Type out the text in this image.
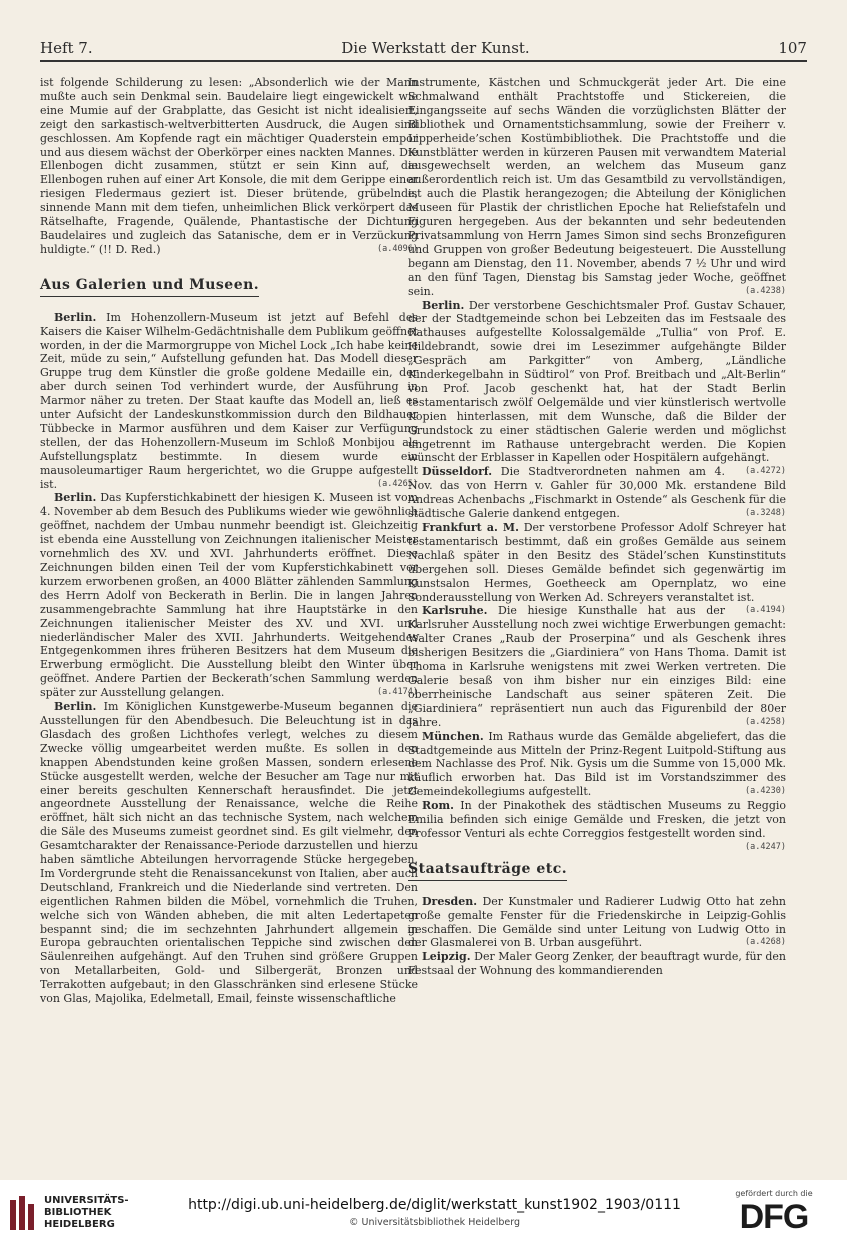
Heft 7.	Die Werkstatt der Kunst.	107

ist folgende Schilderung zu lesen: „Absonderlich wie der Mann mußte auch sein Denkmal sein. Baudelaire liegt eingewickelt wie eine Mumie auf der Grabplatte, das Gesicht ist nicht idealisiert, zeigt den sarkastisch-weltverbitterten Ausdruck, die Augen sind geschlossen. Am Kopfende ragt ein mächtiger Quaderstein empor und aus diesem wächst der Oberkörper eines nackten Mannes. Die Ellenbogen dicht zusammen, stützt er sein Kinn auf, die Ellenbogen ruhen auf einer Art Konsole, die mit dem Gerippe einer riesigen Fledermaus geziert ist. Dieser brütende, grübelnde, sinnende Mann mit dem tiefen, unheimlichen Blick verkörpert das Rätselhafte, Fragende, Quälende, Phantastische der Dichtung Baudelaires und zugleich das Satanische, dem er in Verzückung huldigte.“ (!! D. Red.)	(a.4096)

Aus Galerien und Museen.

Berlin. Im Hohenzollern-Museum ist jetzt auf Befehl des Kaisers die Kaiser Wilhelm-Gedächtnishalle dem Publikum geöffnet worden, in der die Marmorgruppe von Michel Lock „Ich habe keine Zeit, müde zu sein,“ Aufstellung gefunden hat. Das Modell dieser Gruppe trug dem Künstler die große goldene Medaille ein, der aber durch seinen Tod verhindert wurde, der Ausführung in Marmor näher zu treten. Der Staat kaufte das Modell an, ließ es unter Aufsicht der Landeskunstkommission durch den Bildhauer Tübbecke in Marmor ausführen und dem Kaiser zur Verfügung stellen, der das Hohenzollern-Museum im Schloß Monbijou als Aufstellungsplatz bestimmte. In diesem wurde ein mausoleumartiger Raum hergerichtet, wo die Gruppe aufgestellt ist.	(a.4265)

Berlin. Das Kupferstichkabinett der hiesigen K. Museen ist vom 4. November ab dem Besuch des Publikums wieder wie gewöhnlich geöffnet, nachdem der Umbau nunmehr beendigt ist. Gleichzeitig ist ebenda eine Ausstellung von Zeichnungen italienischer Meister vornehmlich des XV. und XVI. Jahrhunderts eröffnet. Diese Zeichnungen bilden einen Teil der vom Kupferstichkabinett vor kurzem erworbenen großen, an 4000 Blätter zählenden Sammlung des Herrn Adolf von Beckerath in Berlin. Die in langen Jahren zusammengebrachte Sammlung hat ihre Hauptstärke in den Zeichnungen italienischer Meister des XV. und XVI. und niederländischer Maler des XVII. Jahrhunderts. Weitgehendes Entgegenkommen ihres früheren Besitzers hat dem Museum die Erwerbung ermöglicht. Die Ausstellung bleibt den Winter über geöffnet. Andere Partien der Beckerath’schen Sammlung werden später zur Ausstellung gelangen.	(a.4174)

Berlin. Im Königlichen Kunstgewerbe-Museum begannen die Ausstellungen für den Abendbesuch. Die Beleuchtung ist in das Glasdach des großen Lichthofes verlegt, welches zu diesem Zwecke völlig umgearbeitet werden mußte. Es sollen in den knappen Abendstunden keine großen Massen, sondern erlesene Stücke ausgestellt werden, welche der Besucher am Tage nur mit einer bereits geschulten Kennerschaft herausfindet. Die jetzt angeordnete Ausstellung der Renaissance, welche die Reihe eröffnet, hält sich nicht an das technische System, nach welchem die Säle des Museums zumeist geordnet sind. Es gilt vielmehr, den Gesamtcharakter der Renaissance-Periode darzustellen und hierzu haben sämtliche Abteilungen hervorragende Stücke hergegeben. Im Vordergrunde steht die Renaissancekunst von Italien, aber auch Deutschland, Frankreich und die Niederlande sind vertreten. Den eigentlichen Rahmen bilden die Möbel, vornehmlich die Truhen, welche sich von Wänden abheben, die mit alten Ledertapeten bespannt sind; die im sechzehnten Jahrhundert allgemein in Europa gebrauchten orientalischen Teppiche sind zwischen den Säulenreihen aufgehängt. Auf den Truhen sind größere Gruppen von Metallarbeiten, Gold- und Silbergerät, Bronzen und Terrakotten aufgebaut; in den Glasschränken sind erlesene Stücke von Glas, Majolika, Edelmetall, Email, feinste wissenschaftliche

Instrumente, Kästchen und Schmuckgerät jeder Art. Die eine Schmalwand enthält Prachtstoffe und Stickereien, die Eingangsseite auf sechs Wänden die vorzüglichsten Blätter der Bibliothek und Ornamentstichsammlung, sowie der Freiherr v. Lipperheide’schen Kostümbibliothek. Die Prachtstoffe und die Kunstblätter werden in kürzeren Pausen mit verwandtem Material ausgewechselt werden, an welchem das Museum ganz außerordentlich reich ist. Um das Gesamtbild zu vervollständigen, ist auch die Plastik herangezogen; die Abteilung der Königlichen Museen für Plastik der christlichen Epoche hat Reliefstafeln und Figuren hergegeben. Aus der bekannten und sehr bedeutenden Privatsammlung von Herrn James Simon sind sechs Bronzefiguren und Gruppen von großer Bedeutung beigesteuert. Die Ausstellung begann am Dienstag, den 11. November, abends 7 ½ Uhr und wird an den fünf Tagen, Dienstag bis Samstag jeder Woche, geöffnet sein.	(a.4238)

Berlin. Der verstorbene Geschichtsmaler Prof. Gustav Schauer, der der Stadtgemeinde schon bei Lebzeiten das im Festsaale des Rathauses aufgestellte Kolossalgemälde „Tullia“ von Prof. E. Hildebrandt, sowie drei im Lesezimmer aufgehängte Bilder „Gespräch am Parkgitter“ von Amberg, „Ländliche Kinderkegelbahn in Südtirol“ von Prof. Breitbach und „Alt-Berlin“ von Prof. Jacob geschenkt hat, hat der Stadt Berlin testamentarisch zwölf Oelgemälde und vier künstlerisch wertvolle Kopien hinterlassen, mit dem Wunsche, daß die Bilder der Grundstock zu einer städtischen Galerie werden und möglichst ungetrennt im Rathause untergebracht werden. Die Kopien wünscht der Erblasser in Kapellen oder Hospitälern aufgehängt.
(a.4272)

Düsseldorf. Die Stadtverordneten nahmen am 4. Nov. das von Herrn v. Gahler für 30,000 Mk. erstandene Bild Andreas Achenbachs „Fischmarkt in Ostende“ als Geschenk für die städtische Galerie dankend entgegen.	(a.3248)

Frankfurt a. M. Der verstorbene Professor Adolf Schreyer hat testamentarisch bestimmt, daß ein großes Gemälde aus seinem Nachlaß später in den Besitz des Städel’schen Kunstinstituts übergehen soll. Dieses Gemälde befindet sich gegenwärtig im Kunstsalon Hermes, Goetheeck am Opernplatz, wo eine Sonderausstellung von Werken Ad. Schreyers veranstaltet ist.
(a.4194)

Karlsruhe. Die hiesige Kunsthalle hat aus der Karlsruher Ausstellung noch zwei wichtige Erwerbungen gemacht: Walter Cranes „Raub der Proserpina“ und als Geschenk ihres bisherigen Besitzers die „Giardiniera“ von Hans Thoma. Damit ist Thoma in Karlsruhe wenigstens mit zwei Werken vertreten. Die Galerie besaß von ihm bisher nur ein einziges Bild: eine oberrheinische Landschaft aus seiner späteren Zeit. Die „Giardiniera“ repräsentiert nun auch das Figurenbild der 80er Jahre.	(a.4258)

München. Im Rathaus wurde das Gemälde abgeliefert, das die Stadtgemeinde aus Mitteln der Prinz-Regent Luitpold-Stiftung aus dem Nachlasse des Prof. Nik. Gysis um die Summe von 15,000 Mk. käuflich erworben hat. Das Bild ist im Vorstandszimmer des Gemeindekollegiums aufgestellt.	(a.4230)

Rom. In der Pinakothek des städtischen Museums zu Reggio Emilia befinden sich einige Gemälde und Fresken, die jetzt von Professor Venturi als echte Correggios festgestellt worden sind.
(a.4247)

Staatsaufträge etc.

Dresden. Der Kunstmaler und Radierer Ludwig Otto hat zehn große gemalte Fenster für die Friedenskirche in Leipzig-Gohlis geschaffen. Die Gemälde sind unter Leitung von Ludwig Otto in der Glasmalerei von B. Urban ausgeführt.	(a.4268)

Leipzig. Der Maler Georg Zenker, der beauftragt wurde, für den Festsaal der Wohnung des kommandierenden

UNIVERSITÄTS-
BIBLIOTHEK
HEIDELBERG
http://digi.ub.uni-heidelberg.de/diglit/werkstatt_kunst1902_1903/0111
© Universitätsbibliothek Heidelberg
gefördert durch die
DFG
